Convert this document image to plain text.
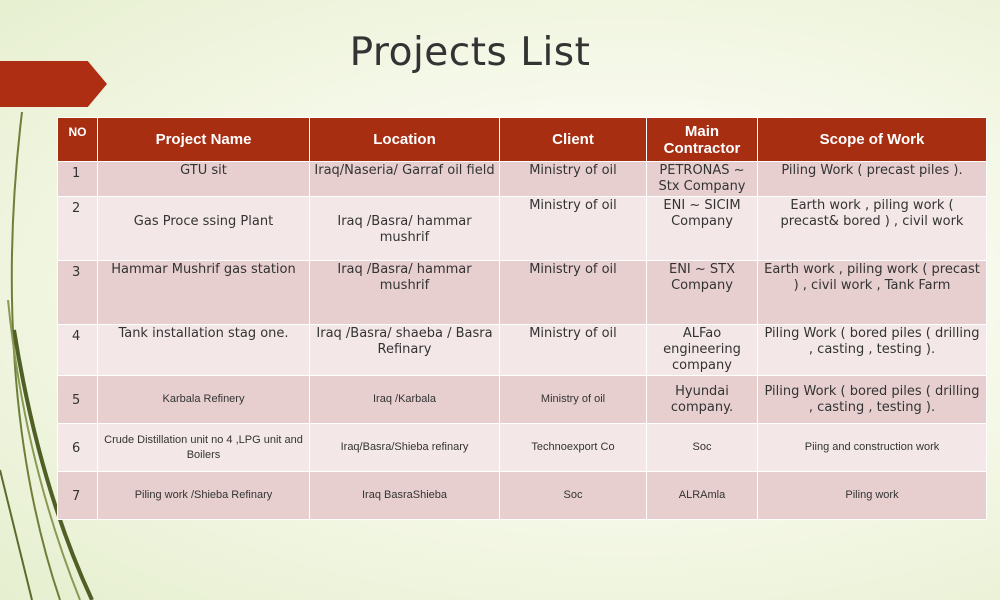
Projects List
NO	Project Name	Location	Client	Main Contractor	Scope of Work
1	GTU sit	Iraq/Naseria/ Garraf oil field	Ministry of oil	PETRONAS ~ Stx Company	Piling Work ( precast piles ).
2	Gas Proce ssing Plant	Iraq /Basra/ hammar mushrif	Ministry of oil	ENI ~ SICIM Company	Earth work , piling work ( precast& bored ) , civil work
3	Hammar Mushrif gas station	Iraq /Basra/ hammar mushrif	Ministry of oil	ENI ~ STX Company	Earth work , piling work ( precast ) , civil work , Tank Farm
4	Tank installation stag one.	Iraq /Basra/ shaeba / Basra Refinary	Ministry of oil	ALFao engineering company	Piling Work ( bored piles ( drilling , casting , testing ).
5	Karbala Refinery	Iraq /Karbala	Ministry of oil	Hyundai company.	Piling Work ( bored piles ( drilling , casting , testing ).
6	Crude Distillation unit no 4 ,LPG unit and Boilers	Iraq/Basra/Shieba refinary	Technoexport Co	Soc	Piing and construction work
7	Piling work /Shieba Refinary	Iraq BasraShieba	Soc	ALRAmla	Piling work
